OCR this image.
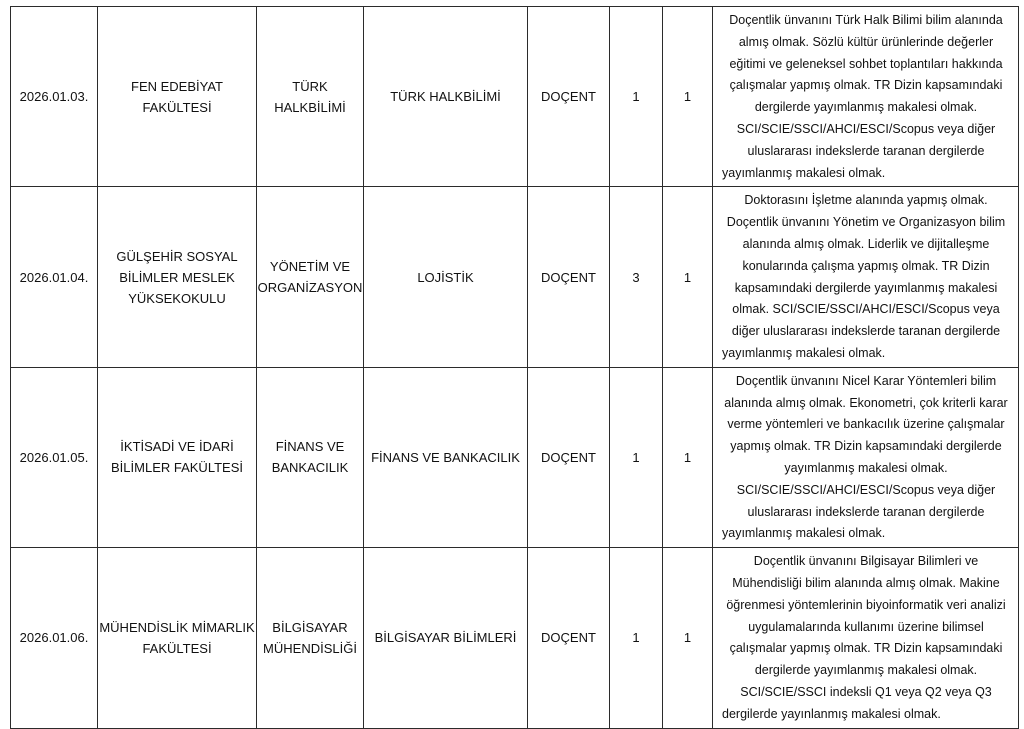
2026.01.03.	FEN EDEBİYAT FAKÜLTESİ	TÜRK HALKBİLİMİ	TÜRK HALKBİLİMİ	DOÇENT	1	1	Doçentlik ünvanını Türk Halk Bilimi bilim alanında almış olmak. Sözlü kültür ürünlerinde değerler eğitimi ve geleneksel sohbet toplantıları hakkında çalışmalar yapmış olmak. TR Dizin kapsamındaki dergilerde yayımlanmış makalesi olmak. SCI/SCIE/SSCI/AHCI/ESCI/Scopus veya diğer uluslararası indekslerde taranan dergilerde yayımlanmış makalesi olmak.

2026.01.04.	GÜLŞEHİR SOSYAL BİLİMLER MESLEK YÜKSEKOKULU	YÖNETİM VE ORGANİZASYON	LOJİSTİK	DOÇENT	3	1	Doktorasını İşletme alanında yapmış olmak. Doçentlik ünvanını Yönetim ve Organizasyon bilim alanında almış olmak. Liderlik ve dijitalleşme konularında çalışma yapmış olmak. TR Dizin kapsamındaki dergilerde yayımlanmış makalesi olmak. SCI/SCIE/SSCI/AHCI/ESCI/Scopus veya diğer uluslararası indekslerde taranan dergilerde yayımlanmış makalesi olmak.

2026.01.05.	İKTİSADİ VE İDARİ BİLİMLER FAKÜLTESİ	FİNANS VE BANKACILIK	FİNANS VE BANKACILIK	DOÇENT	1	1	Doçentlik ünvanını Nicel Karar Yöntemleri bilim alanında almış olmak. Ekonometri, çok kriterli karar verme yöntemleri ve bankacılık üzerine çalışmalar yapmış olmak. TR Dizin kapsamındaki dergilerde yayımlanmış makalesi olmak. SCI/SCIE/SSCI/AHCI/ESCI/Scopus veya diğer uluslararası indekslerde taranan dergilerde yayımlanmış makalesi olmak.

2026.01.06.	MÜHENDİSLİK MİMARLIK FAKÜLTESİ	BİLGİSAYAR MÜHENDİSLİĞİ	BİLGİSAYAR BİLİMLERİ	DOÇENT	1	1	Doçentlik ünvanını Bilgisayar Bilimleri ve Mühendisliği bilim alanında almış olmak. Makine öğrenmesi yöntemlerinin biyoinformatik veri analizi uygulamalarında kullanımı üzerine bilimsel çalışmalar yapmış olmak. TR Dizin kapsamındaki dergilerde yayımlanmış makalesi olmak. SCI/SCIE/SSCI indeksli Q1 veya Q2 veya Q3 dergilerde yayınlanmış makalesi olmak.
